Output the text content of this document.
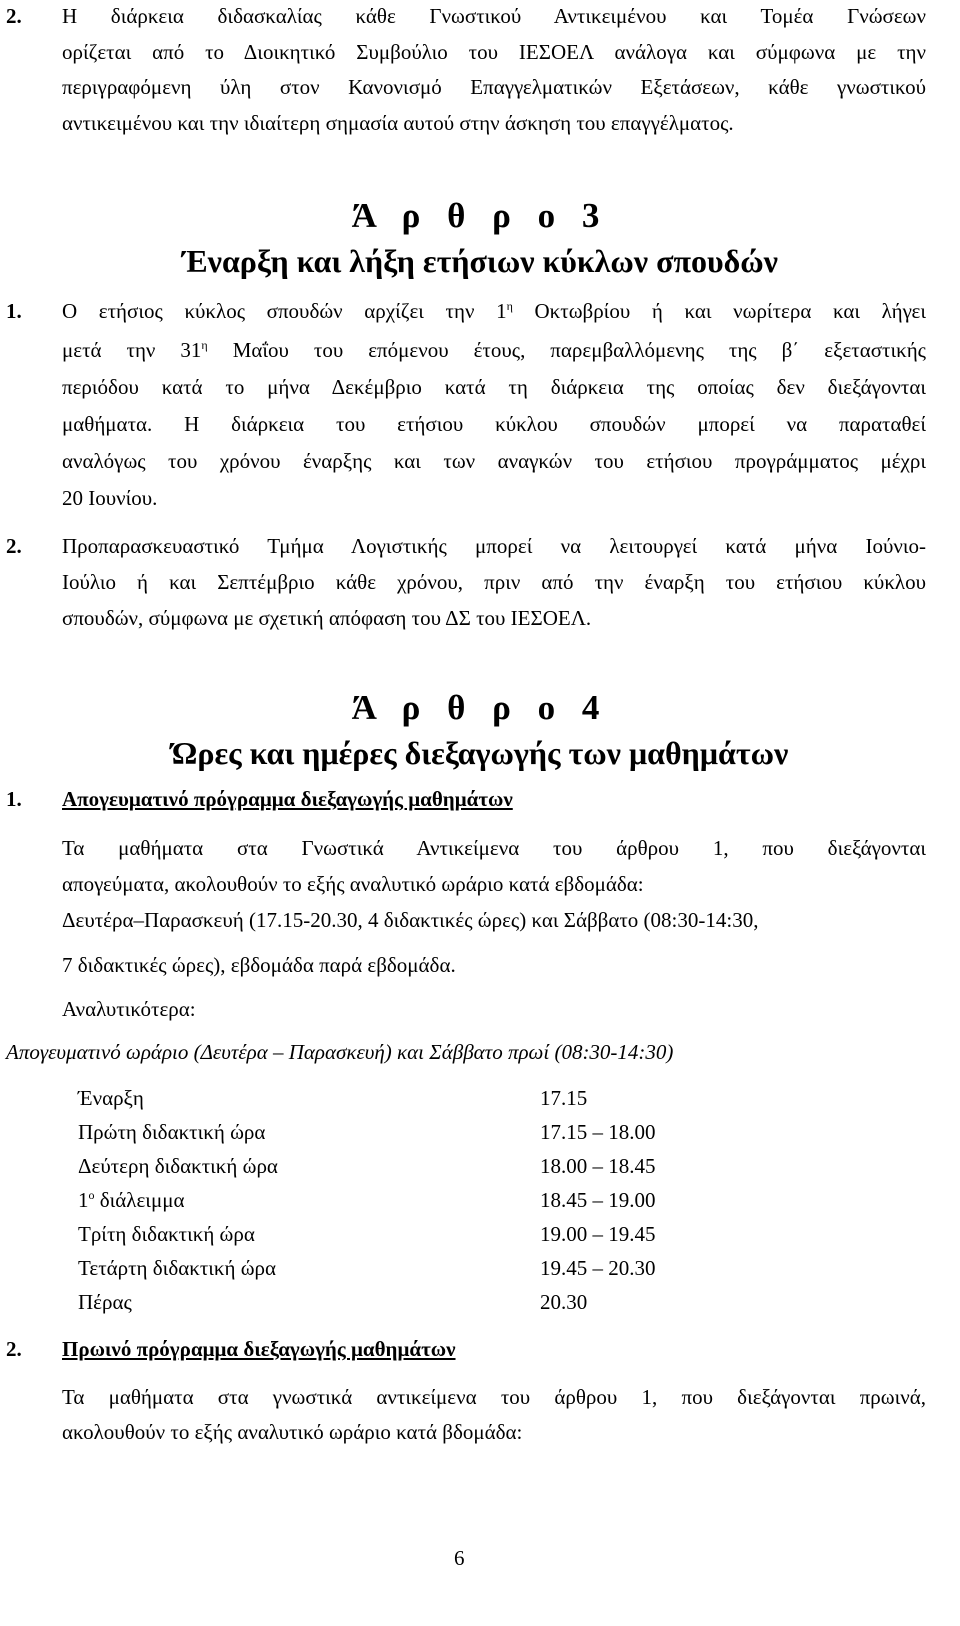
2. Η διάρκεια διδασκαλίας κάθε Γνωστικού Αντικειμένου και Τομέα Γνώσεων
ορίζεται από το Διοικητικό Συμβούλιο του ΙΕΣΟΕΛ ανάλογα και σύμφωνα με την
περιγραφόμενη ύλη στον Κανονισμό Επαγγελματικών Εξετάσεων, κάθε γνωστικού
αντικειμένου και την ιδιαίτερη σημασία αυτού στην άσκηση του επαγγέλματος.
Ά ρ θ ρ ο 3
Έναρξη και λήξη ετήσιων κύκλων σπουδών
1. Ο ετήσιος κύκλος σπουδών αρχίζει την $1^\eta$ Οκτωβρίου ή και νωρίτερα και λήγει
μετά την $31^\eta$ Μαΐου του επόμενου έτους, παρεμβαλλόμενης της β΄ εξεταστικής
περιόδου κατά το μήνα Δεκέμβριο κατά τη διάρκεια της οποίας δεν διεξάγονται
μαθήματα. Η διάρκεια του ετήσιου κύκλου σπουδών μπορεί να παραταθεί
αναλόγως του χρόνου έναρξης και των αναγκών του ετήσιου προγράμματος μέχρι
20 Ιουνίου.
2. Προπαρασκευαστικό Τμήμα Λογιστικής μπορεί να λειτουργεί κατά μήνα Ιούνιο-
Ιούλιο ή και Σεπτέμβριο κάθε χρόνου, πριν από την έναρξη του ετήσιου κύκλου
σπουδών, σύμφωνα με σχετική απόφαση του ΔΣ του ΙΕΣΟΕΛ.
Ά ρ θ ρ ο 4
Ώρες και ημέρες διεξαγωγής των μαθημάτων
1. Απογευματινό πρόγραμμα διεξαγωγής μαθημάτων
Τα μαθήματα στα Γνωστικά Αντικείμενα του άρθρου 1, που διεξάγονται
απογεύματα, ακολουθούν το εξής αναλυτικό ωράριο κατά εβδομάδα:
Δευτέρα–Παρασκευή (17.15-20.30, 4 διδακτικές ώρες) και Σάββατο (08:30-14:30,
7 διδακτικές ώρες), εβδομάδα παρά εβδομάδα.
Αναλυτικότερα:
Απογευματινό ωράριο (Δευτέρα – Παρασκευή) και Σάββατο πρωί (08:30-14:30)
Έναρξη	17.15
Πρώτη διδακτική ώρα	17.15 – 18.00
Δεύτερη διδακτική ώρα	18.00 – 18.45
$1^o$ διάλειμμα	18.45 – 19.00
Τρίτη διδακτική ώρα	19.00 – 19.45
Τετάρτη διδακτική ώρα	19.45 – 20.30
Πέρας	20.30
2. Πρωινό πρόγραμμα διεξαγωγής μαθημάτων
Τα μαθήματα στα γνωστικά αντικείμενα του άρθρου 1, που διεξάγονται πρωινά,
ακολουθούν το εξής αναλυτικό ωράριο κατά βδομάδα:
6
